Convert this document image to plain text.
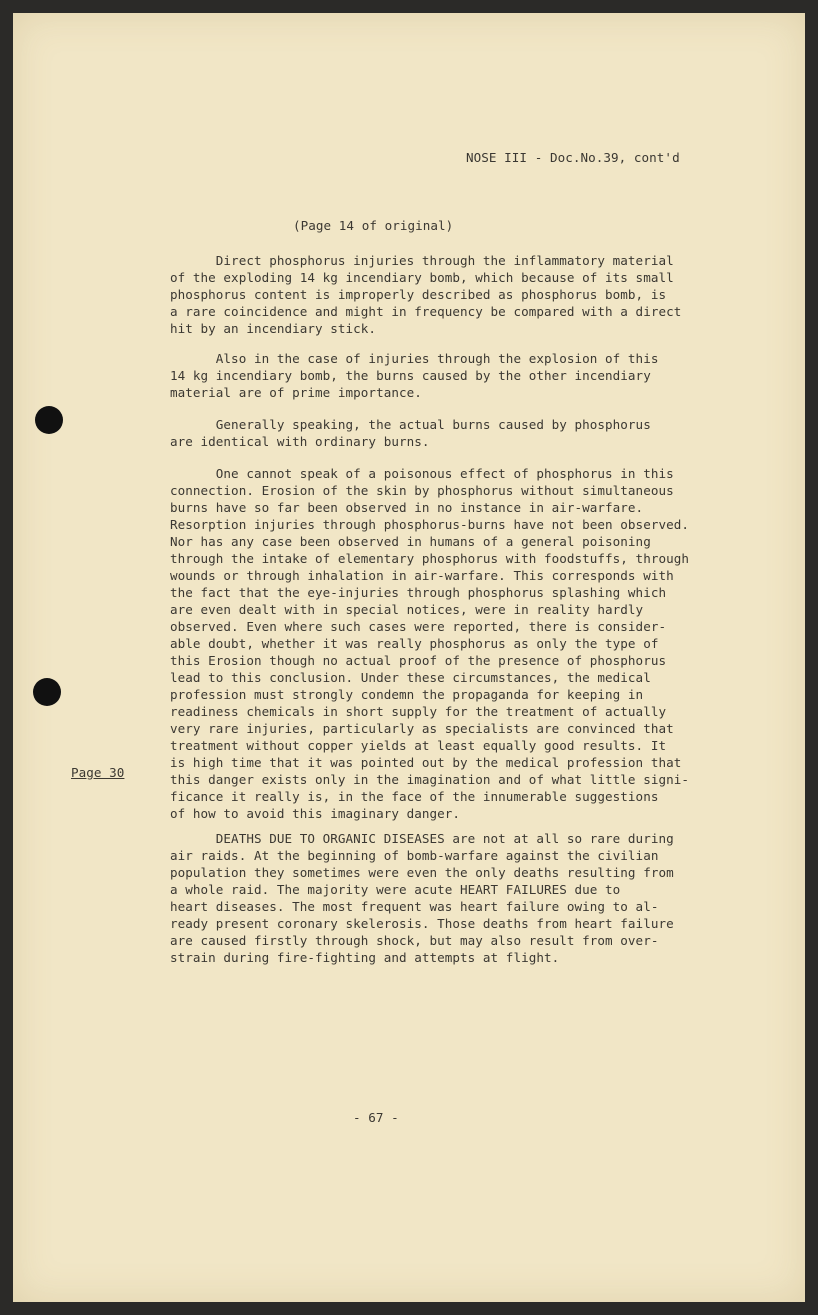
NOSE III - Doc.No.39, cont'd
(Page 14 of original)
Direct phosphorus injuries through the inflammatory material
of the exploding 14 kg incendiary bomb, which because of its small
phosphorus content is improperly described as phosphorus bomb, is
a rare coincidence and might in frequency be compared with a direct
hit by an incendiary stick.
Also in the case of injuries through the explosion of this
14 kg incendiary bomb, the burns caused by the other incendiary
material are of prime importance.
Generally speaking, the actual burns caused by phosphorus
are identical with ordinary burns.
One cannot speak of a poisonous effect of phosphorus in this
connection. Erosion of the skin by phosphorus without simultaneous
burns have so far been observed in no instance in air-warfare.
Resorption injuries through phosphorus-burns have not been observed.
Nor has any case been observed in humans of a general poisoning
through the intake of elementary phosphorus with foodstuffs, through
wounds or through inhalation in air-warfare. This corresponds with
the fact that the eye-injuries through phosphorus splashing which
are even dealt with in special notices, were in reality hardly
observed. Even where such cases were reported, there is consider-
able doubt, whether it was really phosphorus as only the type of
this Erosion though no actual proof of the presence of phosphorus
lead to this conclusion. Under these circumstances, the medical
profession must strongly condemn the propaganda for keeping in
readiness chemicals in short supply for the treatment of actually
very rare injuries, particularly as specialists are convinced that
treatment without copper yields at least equally good results. It
is high time that it was pointed out by the medical profession that
this danger exists only in the imagination and of what little signi-
ficance it really is, in the face of the innumerable suggestions
of how to avoid this imaginary danger.
Page 30
DEATHS DUE TO ORGANIC DISEASES are not at all so rare during
air raids. At the beginning of bomb-warfare against the civilian
population they sometimes were even the only deaths resulting from
a whole raid. The majority were acute HEART FAILURES due to
heart diseases. The most frequent was heart failure owing to al-
ready present coronary skelerosis. Those deaths from heart failure
are caused firstly through shock, but may also result from over-
strain during fire-fighting and attempts at flight.
- 67 -
